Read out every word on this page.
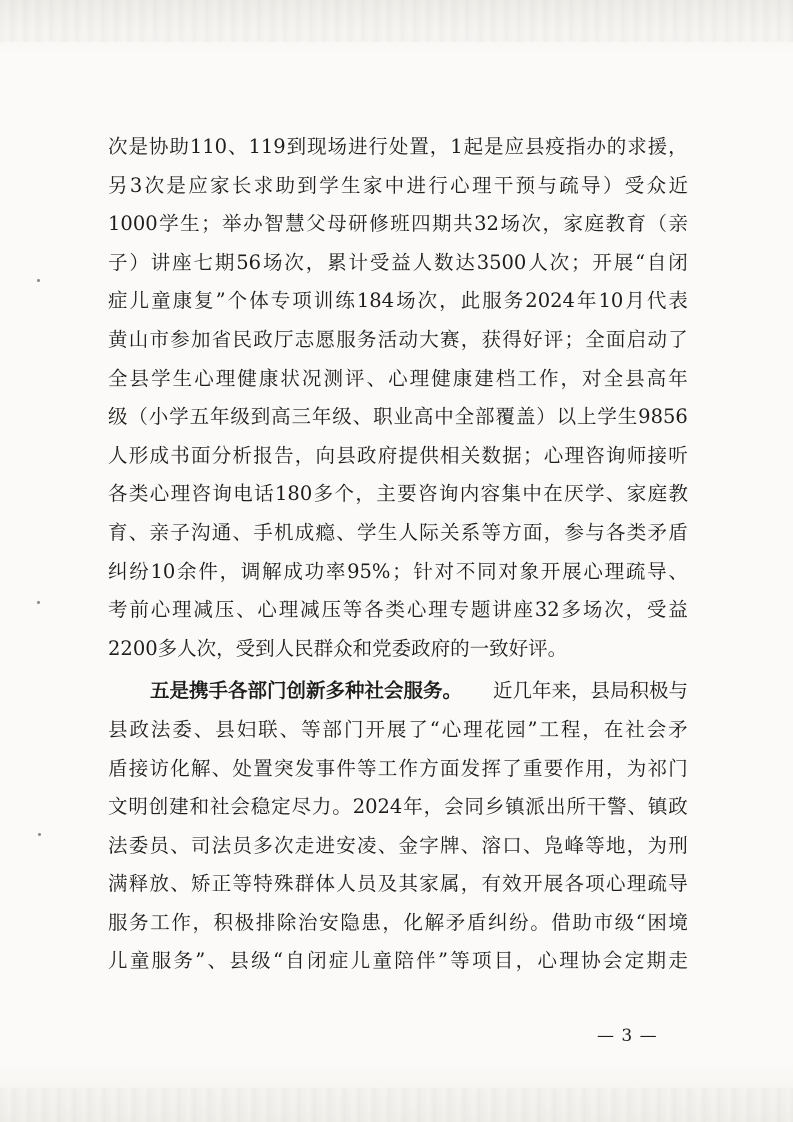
次 是 协 助 110 、 119 到 现 场 进 行 处 置 ， 1 起 是 应 县 疫 指 办 的 求 援 ，
另 3 次 是 应 家 长 求 助 到 学 生 家 中 进 行 心 理 干 预 与 疏 导 ） 受 众 近
1000 学 生 ； 举 办 智 慧 父 母 研 修 班 四 期 共 32 场 次 ， 家 庭 教 育 （ 亲
子 ） 讲 座 七 期 56 场 次 ， 累 计 受 益 人 数 达 3500 人 次 ； 开 展 “ 自 闭
症 儿 童 康 复 ” 个 体 专 项 训 练 184 场 次 ， 此 服 务 2024 年 10 月 代 表
黄 山 市 参 加 省 民 政 厅 志 愿 服 务 活 动 大 赛 ， 获 得 好 评 ； 全 面 启 动 了
全 县 学 生 心 理 健 康 状 况 测 评 、 心 理 健 康 建 档 工 作 ， 对 全 县 高 年
级 （ 小 学 五 年 级 到 高 三 年 级 、 职 业 高 中 全 部 覆 盖 ） 以 上 学 生 9856
人 形 成 书 面 分 析 报 告 ， 向 县 政 府 提 供 相 关 数 据 ； 心 理 咨 询 师 接 听
各 类 心 理 咨 询 电 话 180 多 个 ， 主 要 咨 询 内 容 集 中 在 厌 学 、 家 庭 教
育 、 亲 子 沟 通 、 手 机 成 瘾 、 学 生 人 际 关 系 等 方 面 ， 参 与 各 类 矛 盾
纠 纷 10 余 件 ， 调 解 成 功 率 95% ； 针 对 不 同 对 象 开 展 心 理 疏 导 、
考 前 心 理 减 压 、 心 理 减 压 等 各 类 心 理 专 题 讲 座 32 多 场 次 ， 受 益
2200多人次，受到人民群众和党委政府的一致好评。
五是携手各部门创新多种社会服务。 近几年来，县局积极与
县 政 法 委 、 县 妇 联 、 等 部 门 开 展 了 “ 心 理 花 园 ” 工 程 ， 在 社 会 矛
盾 接 访 化 解 、 处 置 突 发 事 件 等 工 作 方 面 发 挥 了 重 要 作 用 ， 为 祁 门
文 明 创 建 和 社 会 稳 定 尽 力 。 2024 年 ， 会 同 乡 镇 派 出 所 干 警 、 镇 政
法 委 员 、 司 法 员 多 次 走 进 安 凌 、 金 字 牌 、 溶 口 、 凫 峰 等 地 ， 为 刑
满 释 放 、 矫 正 等 特 殊 群 体 人 员 及 其 家 属 ， 有 效 开 展 各 项 心 理 疏 导
服 务 工 作 ， 积 极 排 除 治 安 隐 患 ， 化 解 矛 盾 纠 纷 。 借 助 市 级 “ 困 境
儿 童 服 务 ” 、 县 级 “ 自 闭 症 儿 童 陪 伴 ” 等 项 目 ， 心 理 协 会 定 期 走
— 3 —
